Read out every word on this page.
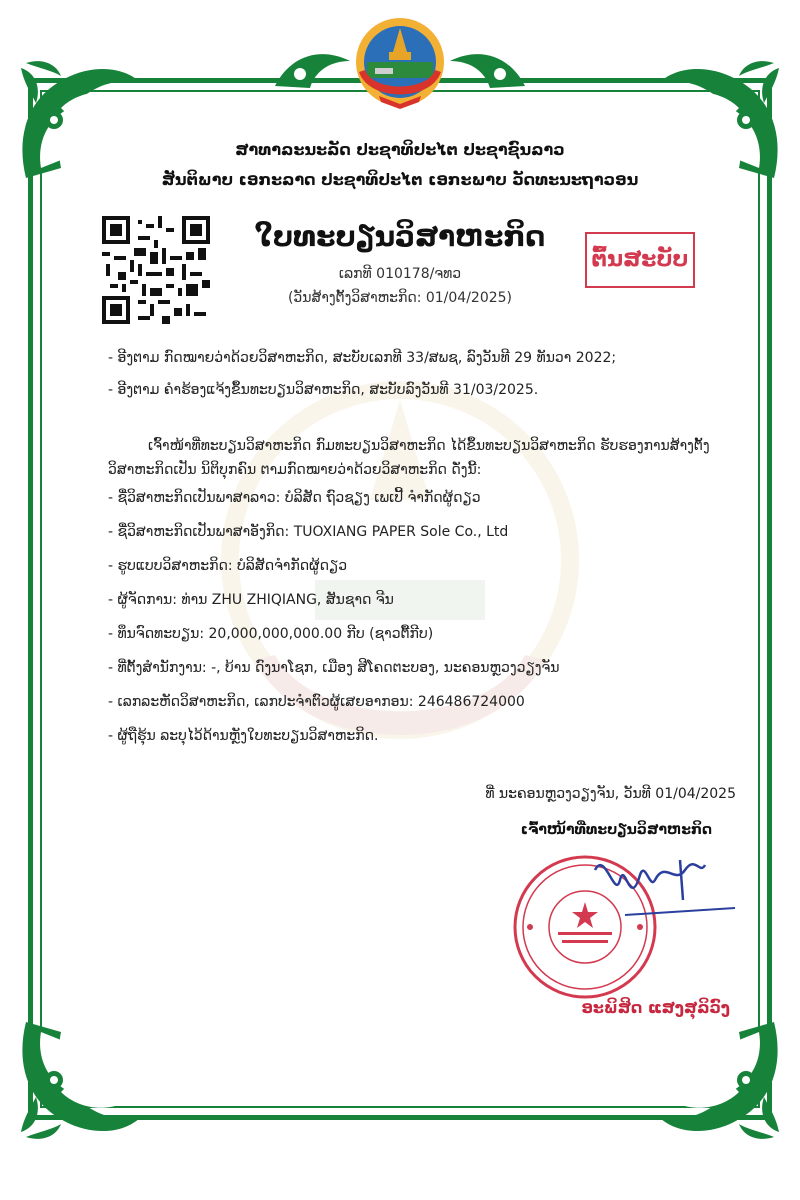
ສາທາລະນະລັດ ປະຊາທິປະໄຕ ປະຊາຊົນລາວ
ສັນຕິພາບ ເອກະລາດ ປະຊາທິປະໄຕ ເອກະພາບ ວັດທະນະຖາວອນ
ໃບທະບຽນວິສາຫະກິດ
ເລກທີ 010178/ຈທວ
(ວັນສ້າງຕັ້ງວິສາຫະກິດ: 01/04/2025)
ຕົ້ນສະບັບ
- ອີງຕາມ ກົດໝາຍວ່າດ້ວຍວິສາຫະກິດ, ສະບັບເລກທີ 33/ສພຊ, ລົງວັນທີ 29 ທັນວາ 2022;
- ອີງຕາມ ຄຳຮ້ອງແຈ້ງຂຶ້ນທະບຽນວິສາຫະກິດ, ສະບັບລົງວັນທີ 31/03/2025.
ເຈົ້າໜ້າທີ່ທະບຽນວິສາຫະກິດ ກົມທະບຽນວິສາຫະກິດ ໄດ້ຂຶ້ນທະບຽນວິສາຫະກິດ ຮັບຮອງການສ້າງຕັ້ງວິສາຫະກິດເປັນ ນິຕິບຸກຄົນ ຕາມກົດໝາຍວ່າດ້ວຍວິສາຫະກິດ ດັ່ງນີ້:
- ຊື່ວິສາຫະກິດເປັນພາສາລາວ: ບໍລິສັດ ຖົວຊຽງ ເພເປີ້ ຈຳກັດຜູ້ດຽວ
- ຊື່ວິສາຫະກິດເປັນພາສາອັງກິດ: TUOXIANG PAPER Sole Co., Ltd
- ຮູບແບບວິສາຫະກິດ: ບໍລິສັດຈຳກັດຜູ້ດຽວ
- ຜູ້ຈັດການ: ທ່ານ ZHU ZHIQIANG, ສັນຊາດ ຈີນ
- ທຶນຈົດທະບຽນ: 20,000,000,000.00 ກີບ (ຊາວຕື້ກີບ)
- ທີ່ຕັ້ງສຳນັກງານ: -, ບ້ານ ດົງນາໂຊກ, ເມືອງ ສີໂຄດຕະບອງ, ນະຄອນຫຼວງວຽງຈັນ
- ເລກລະຫັດວິສາຫະກິດ, ເລກປະຈຳຕົວຜູ້ເສຍອາກອນ: 246486724000
- ຜູ້ຖືຮຸ້ນ ລະບຸໄວ້ດ້ານຫຼັງໃບທະບຽນວິສາຫະກິດ.
ທີ່ ນະຄອນຫຼວງວຽງຈັນ, ວັນທີ 01/04/2025
ເຈົ້າໜ້າທີ່ທະບຽນວິສາຫະກິດ
ອະພິສິດ ແສງສຸລິວົງ
